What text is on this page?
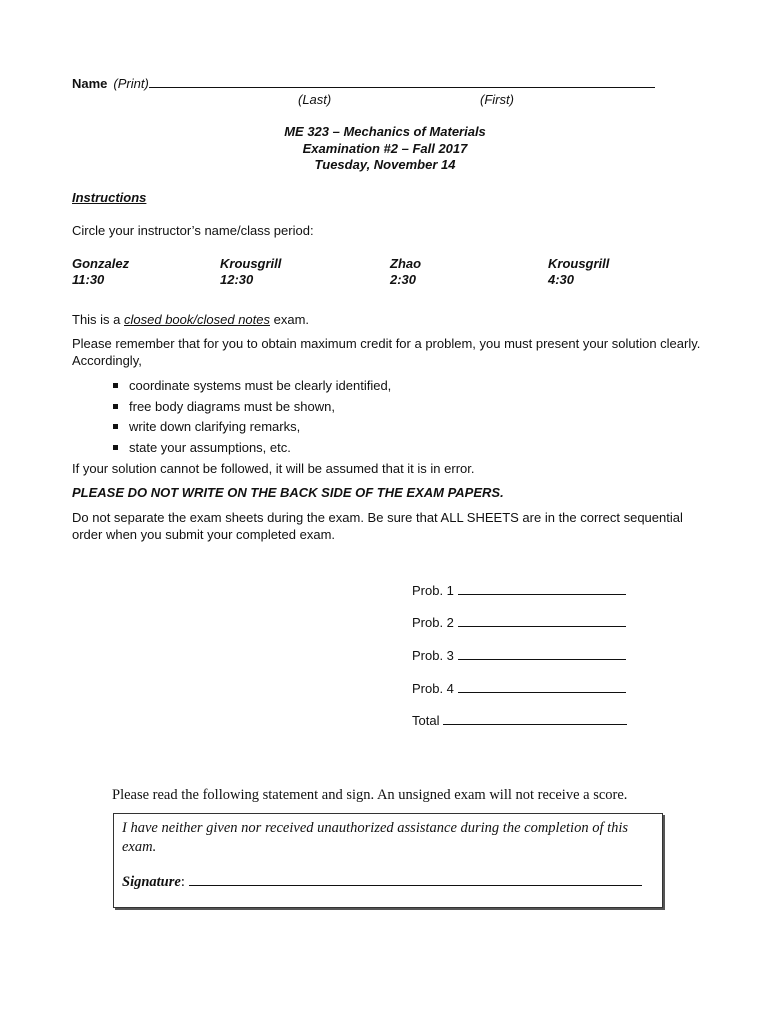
Name (Print)
(Last)	(First)
ME 323 – Mechanics of Materials
Examination #2 – Fall 2017
Tuesday, November 14
Instructions
Circle your instructor’s name/class period:
Gonzalez
11:30
Krousgrill
12:30
Zhao
2:30
Krousgrill
4:30
This is a closed book/closed notes exam.
Please remember that for you to obtain maximum credit for a problem, you must present your solution clearly. Accordingly,
coordinate systems must be clearly identified,
free body diagrams must be shown,
write down clarifying remarks,
state your assumptions, etc.
If your solution cannot be followed, it will be assumed that it is in error.
PLEASE DO NOT WRITE ON THE BACK SIDE OF THE EXAM PAPERS.
Do not separate the exam sheets during the exam. Be sure that ALL SHEETS are in the correct sequential order when you submit your completed exam.
Prob. 1
Prob. 2
Prob. 3
Prob. 4
Total
Please read the following statement and sign. An unsigned exam will not receive a score.
I have neither given nor received unauthorized assistance during the completion of this exam.
Signature:
